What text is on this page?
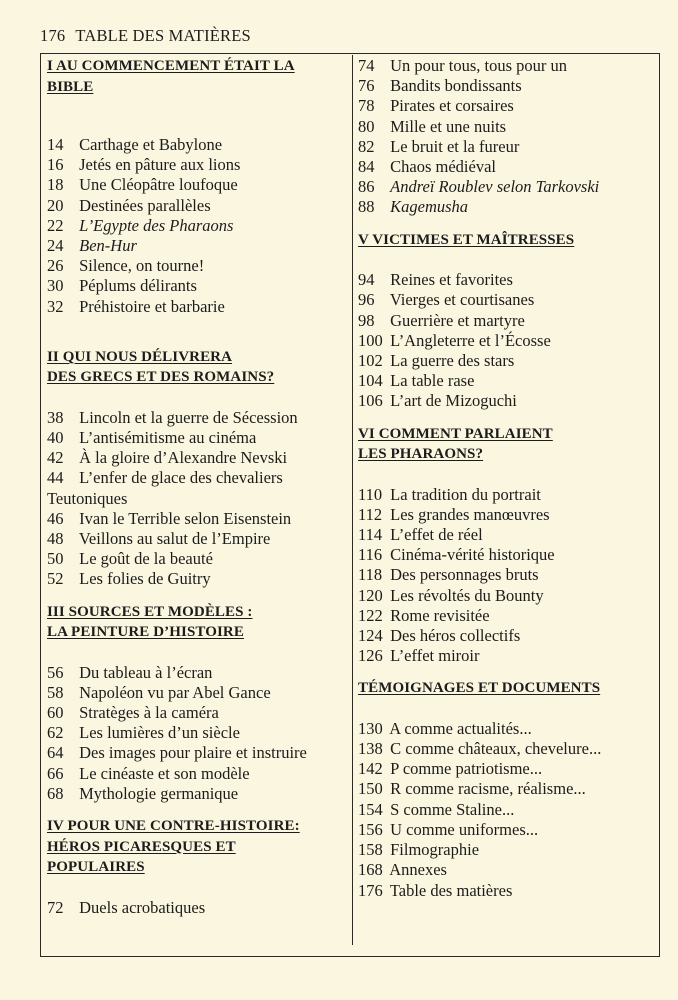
176 TABLE DES MATIÈRES
I AU COMMENCEMENT ÉTAIT LA
BIBLE
14 Carthage et Babylone
16 Jetés en pâture aux lions
18 Une Cléopâtre loufoque
20 Destinées parallèles
22 L’Egypte des Pharaons
24 Ben-Hur
26 Silence, on tourne!
30 Péplums délirants
32 Préhistoire et barbarie
II QUI NOUS DÉLIVRERA
DES GRECS ET DES ROMAINS?
38 Lincoln et la guerre de Sécession
40 L’antisémitisme au cinéma
42 À la gloire d’Alexandre Nevski
44 L’enfer de glace des chevaliers
Teutoniques
46 Ivan le Terrible selon Eisenstein
48 Veillons au salut de l’Empire
50 Le goût de la beauté
52 Les folies de Guitry
III SOURCES ET MODÈLES :
LA PEINTURE D’HISTOIRE
56 Du tableau à l’écran
58 Napoléon vu par Abel Gance
60 Stratèges à la caméra
62 Les lumières d’un siècle
64 Des images pour plaire et instruire
66 Le cinéaste et son modèle
68 Mythologie germanique
IV POUR UNE CONTRE-HISTOIRE:
HÉROS PICARESQUES ET
POPULAIRES
72 Duels acrobatiques
74 Un pour tous, tous pour un
76 Bandits bondissants
78 Pirates et corsaires
80 Mille et une nuits
82 Le bruit et la fureur
84 Chaos médiéval
86 Andreï Roublev selon Tarkovski
88 Kagemusha
V VICTIMES ET MAÎTRESSES
94 Reines et favorites
96 Vierges et courtisanes
98 Guerrière et martyre
100 L’Angleterre et l’Écosse
102 La guerre des stars
104 La table rase
106 L’art de Mizoguchi
VI COMMENT PARLAIENT
LES PHARAONS?
110 La tradition du portrait
112 Les grandes manœuvres
114 L’effet de réel
116 Cinéma-vérité historique
118 Des personnages bruts
120 Les révoltés du Bounty
122 Rome revisitée
124 Des héros collectifs
126 L’effet miroir
TÉMOIGNAGES ET DOCUMENTS
130 A comme actualités...
138 C comme châteaux, chevelure...
142 P comme patriotisme...
150 R comme racisme, réalisme...
154 S comme Staline...
156 U comme uniformes...
158 Filmographie
168 Annexes
176 Table des matières
